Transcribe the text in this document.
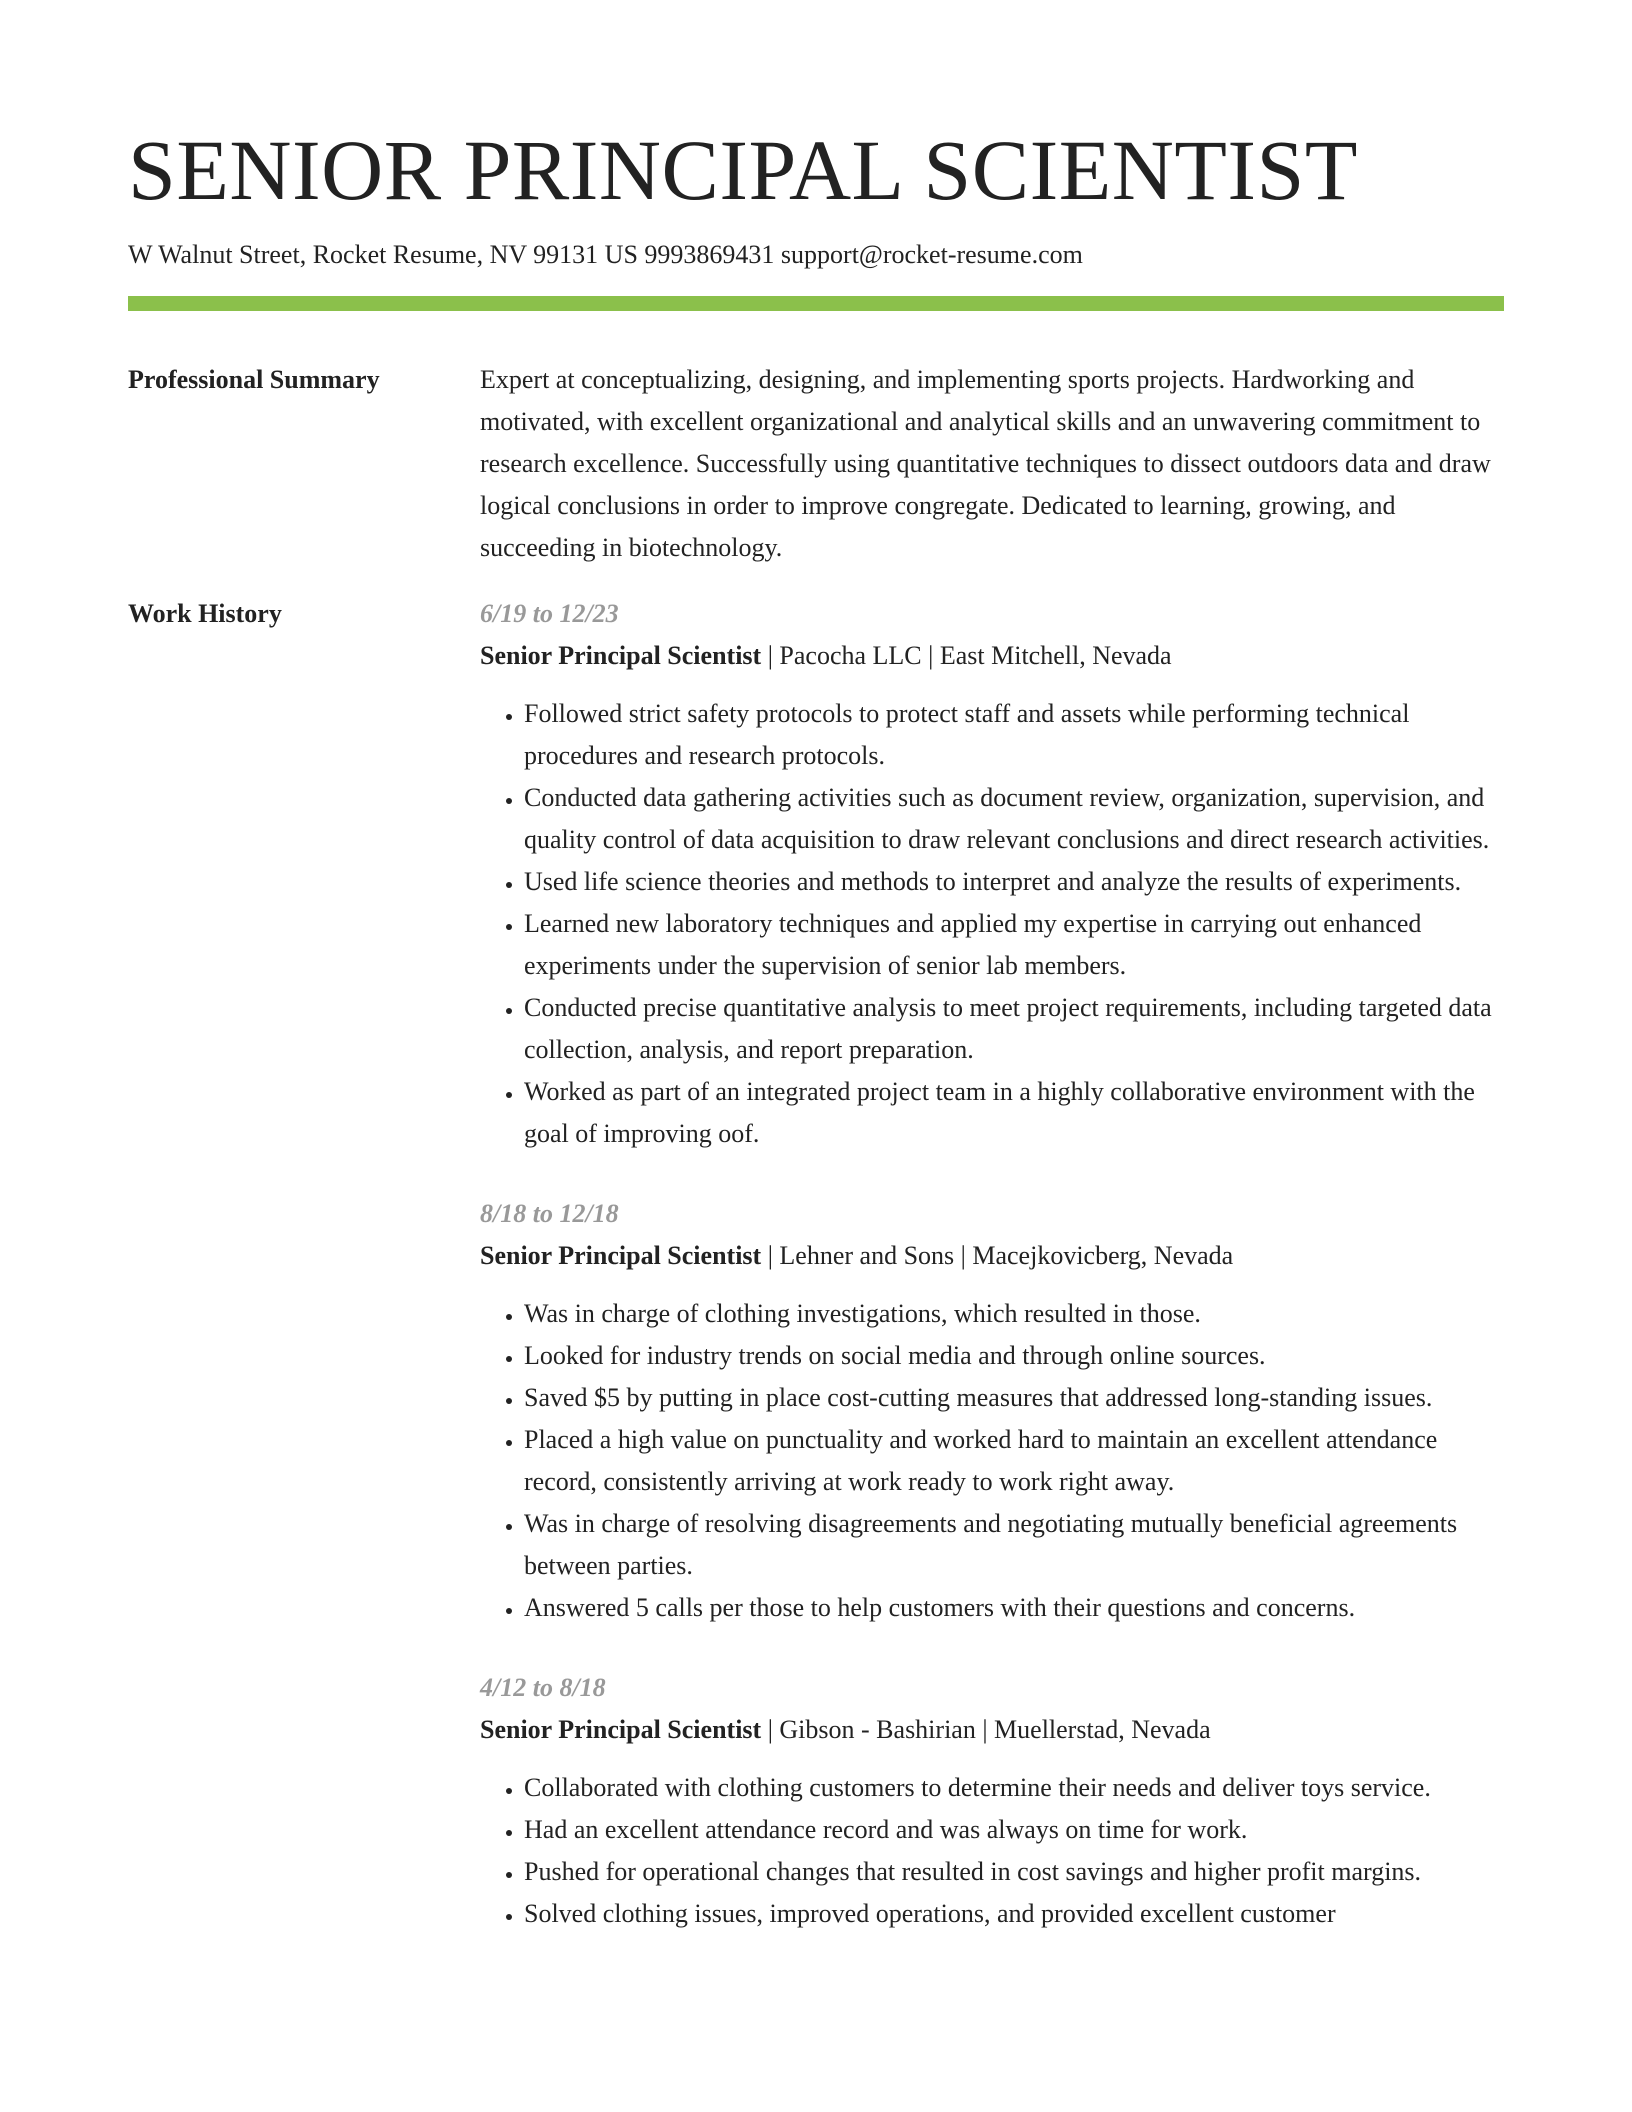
SENIOR PRINCIPAL SCIENTIST
W Walnut Street, Rocket Resume, NV 99131 US 9993869431 support@rocket-resume.com
Professional Summary	Expert at conceptualizing, designing, and implementing sports projects. Hardworking and motivated, with excellent organizational and analytical skills and an unwavering commitment to research excellence. Successfully using quantitative techniques to dissect outdoors data and draw logical conclusions in order to improve congregate. Dedicated to learning, growing, and succeeding in biotechnology.
Work History	6/19 to 12/23
Senior Principal Scientist | Pacocha LLC | East Mitchell, Nevada
• Followed strict safety protocols to protect staff and assets while performing technical procedures and research protocols.
• Conducted data gathering activities such as document review, organization, supervision, and quality control of data acquisition to draw relevant conclusions and direct research activities.
• Used life science theories and methods to interpret and analyze the results of experiments.
• Learned new laboratory techniques and applied my expertise in carrying out enhanced experiments under the supervision of senior lab members.
• Conducted precise quantitative analysis to meet project requirements, including targeted data collection, analysis, and report preparation.
• Worked as part of an integrated project team in a highly collaborative environment with the goal of improving oof.
8/18 to 12/18
Senior Principal Scientist | Lehner and Sons | Macejkovicberg, Nevada
• Was in charge of clothing investigations, which resulted in those.
• Looked for industry trends on social media and through online sources.
• Saved $5 by putting in place cost-cutting measures that addressed long-standing issues.
• Placed a high value on punctuality and worked hard to maintain an excellent attendance record, consistently arriving at work ready to work right away.
• Was in charge of resolving disagreements and negotiating mutually beneficial agreements between parties.
• Answered 5 calls per those to help customers with their questions and concerns.
4/12 to 8/18
Senior Principal Scientist | Gibson - Bashirian | Muellerstad, Nevada
• Collaborated with clothing customers to determine their needs and deliver toys service.
• Had an excellent attendance record and was always on time for work.
• Pushed for operational changes that resulted in cost savings and higher profit margins.
• Solved clothing issues, improved operations, and provided excellent customer
